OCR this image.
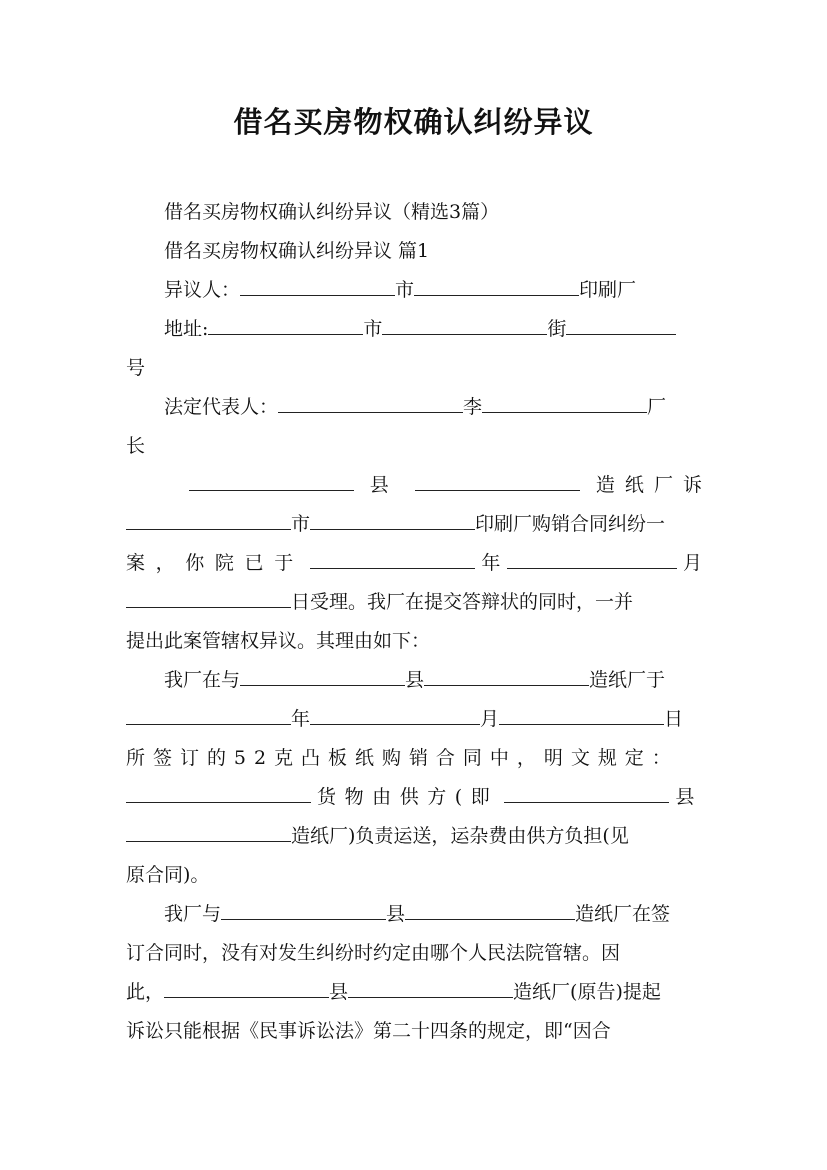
借名买房物权确认纠纷异议
借名买房物权确认纠纷异议（精选3篇）
借名买房物权确认纠纷异议 篇1
异议人：	市	印刷厂
地址:	市	街
号
法定代表人：	李	厂
长
县	造纸厂诉
市	印刷厂购销合同纠纷一
案，你院已于	年	月
日受理。我厂在提交答辩状的同时，一并
提出此案管辖权异议。其理由如下：
我厂在与	县	造纸厂于
年	月	日
所签订的52克凸板纸购销合同中，明文规定：
货物由供方(即	县
造纸厂)负责运送，运杂费由供方负担(见
原合同)。
我厂与	县	造纸厂在签
订合同时，没有对发生纠纷时约定由哪个人民法院管辖。因
此，	县	造纸厂(原告)提起
诉讼只能根据《民事诉讼法》第二十四条的规定，即“因合
